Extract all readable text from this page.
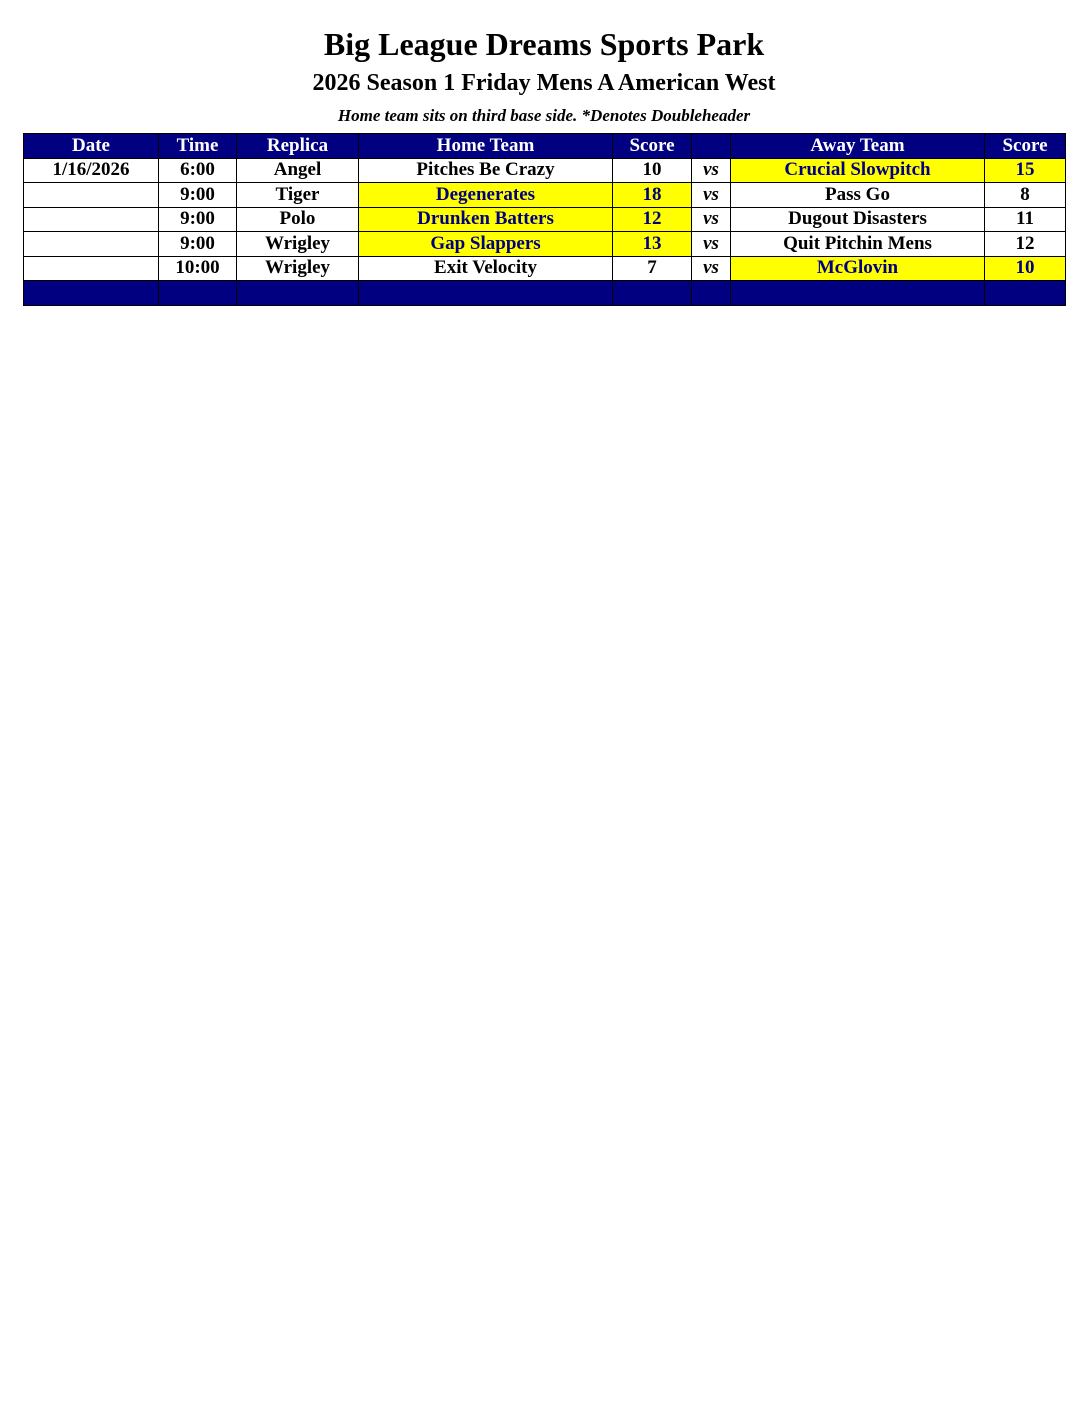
Big League Dreams Sports Park
2026 Season 1 Friday Mens A American West
Home team sits on third base side. *Denotes Doubleheader
Date	Time	Replica	Home Team	Score		Away Team	Score
1/16/2026	6:00	Angel	Pitches Be Crazy	10	vs	Crucial Slowpitch	15
	9:00	Tiger	Degenerates	18	vs	Pass Go	8
	9:00	Polo	Drunken Batters	12	vs	Dugout Disasters	11
	9:00	Wrigley	Gap Slappers	13	vs	Quit Pitchin Mens	12
	10:00	Wrigley	Exit Velocity	7	vs	McGlovin	10
